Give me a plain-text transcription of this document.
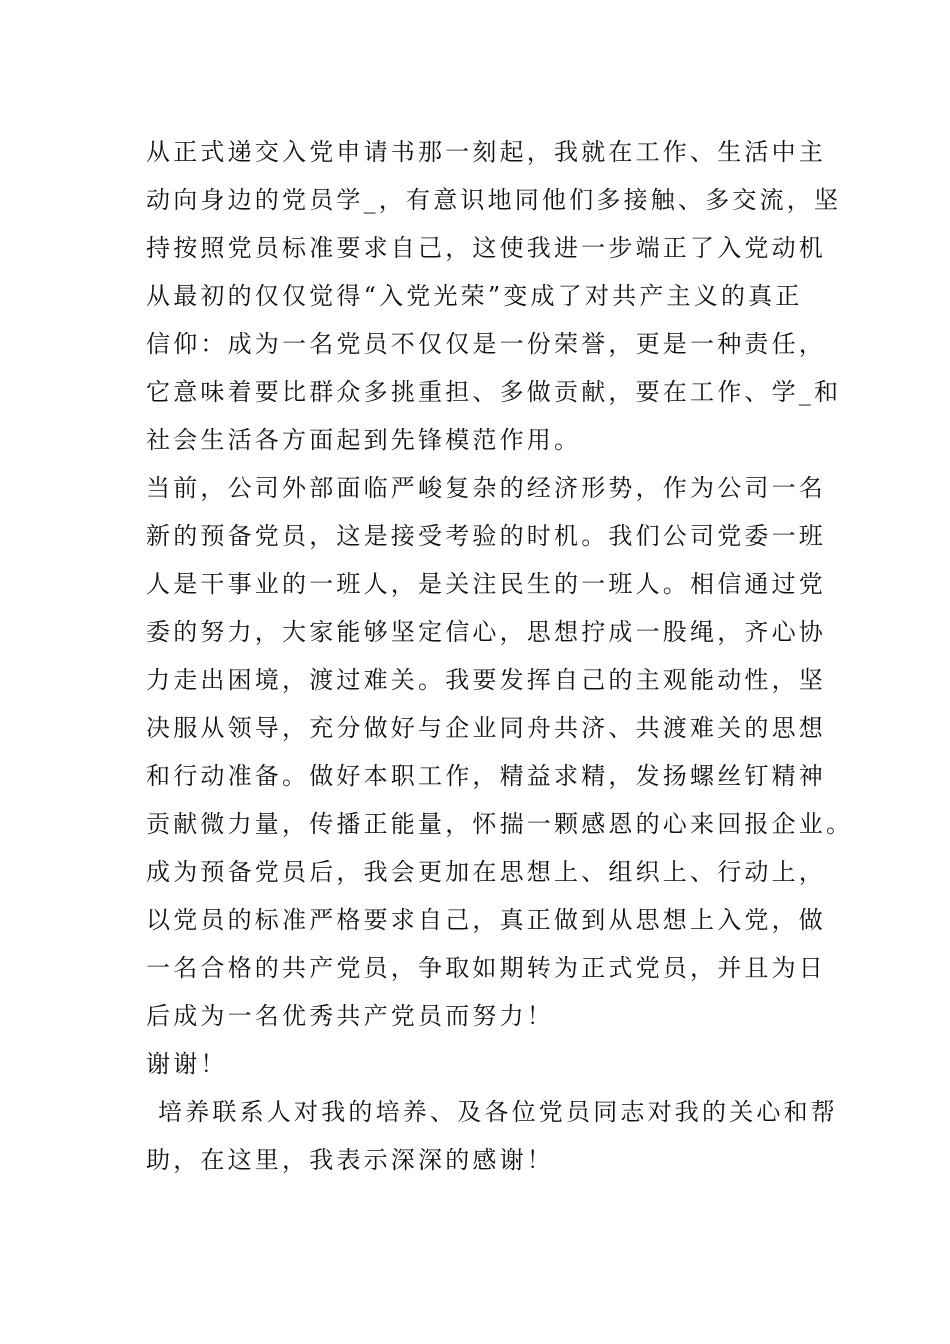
从正式递交入党申请书那一刻起，我就在工作、生活中主
动向身边的党员学_，有意识地同他们多接触、多交流，坚
持按照党员标准要求自己，这使我进一步端正了入党动机
从最初的仅仅觉得“入党光荣”变成了对共产主义的真正
信仰：成为一名党员不仅仅是一份荣誉，更是一种责任，
它意味着要比群众多挑重担、多做贡献，要在工作、学_和
社会生活各方面起到先锋模范作用。
当前，公司外部面临严峻复杂的经济形势，作为公司一名
新的预备党员，这是接受考验的时机。我们公司党委一班
人是干事业的一班人，是关注民生的一班人。相信通过党
委的努力，大家能够坚定信心，思想拧成一股绳，齐心协
力走出困境，渡过难关。我要发挥自己的主观能动性，坚
决服从领导，充分做好与企业同舟共济、共渡难关的思想
和行动准备。做好本职工作，精益求精，发扬螺丝钉精神
贡献微力量，传播正能量，怀揣一颗感恩的心来回报企业。
成为预备党员后，我会更加在思想上、组织上、行动上，
以党员的标准严格要求自己，真正做到从思想上入党，做
一名合格的共产党员，争取如期转为正式党员，并且为日
后成为一名优秀共产党员而努力！
谢谢！
培养联系人对我的培养、及各位党员同志对我的关心和帮
助，在这里，我表示深深的感谢！
